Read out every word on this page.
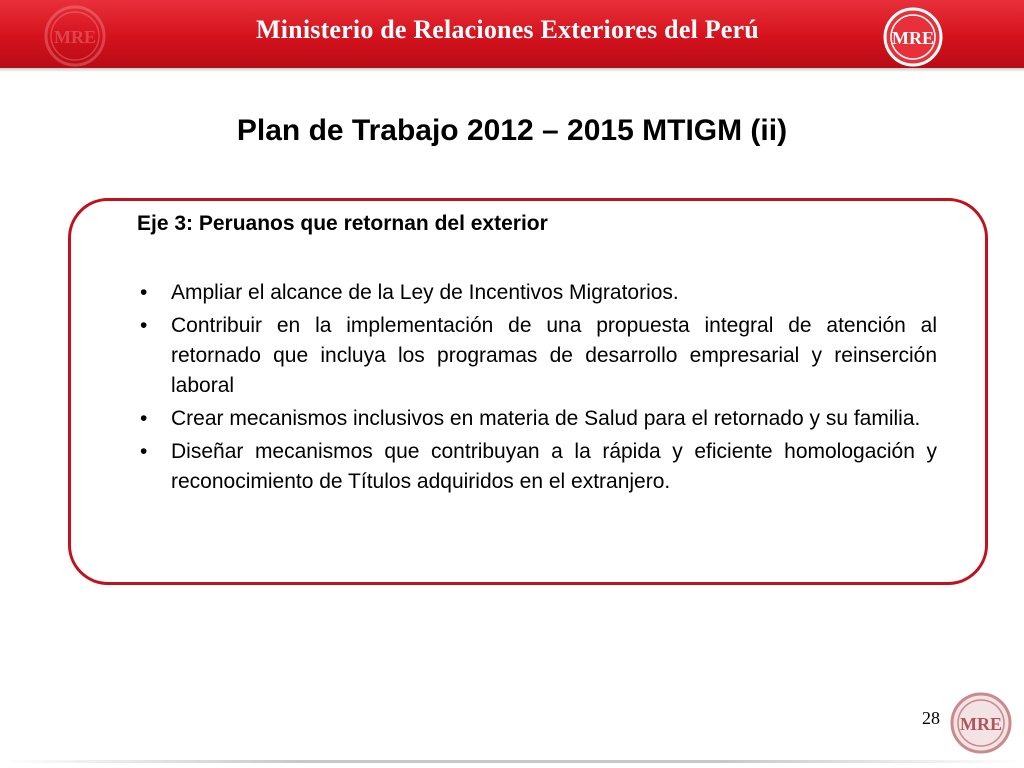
MRE	Ministerio de Relaciones Exteriores del Perú	MRE
Plan de Trabajo 2012 – 2015 MTIGM (ii)
Eje 3: Peruanos que retornan del exterior
•	Ampliar el alcance de la Ley de Incentivos Migratorios.
•	Contribuir en la implementación de una propuesta integral de atención al retornado que incluya los programas de desarrollo empresarial y reinserción laboral
•	Crear mecanismos inclusivos en materia de Salud para el retornado y su familia.
•	Diseñar mecanismos que contribuyan a la rápida y eficiente homologación y reconocimiento de Títulos adquiridos en el extranjero.
28 MRE
